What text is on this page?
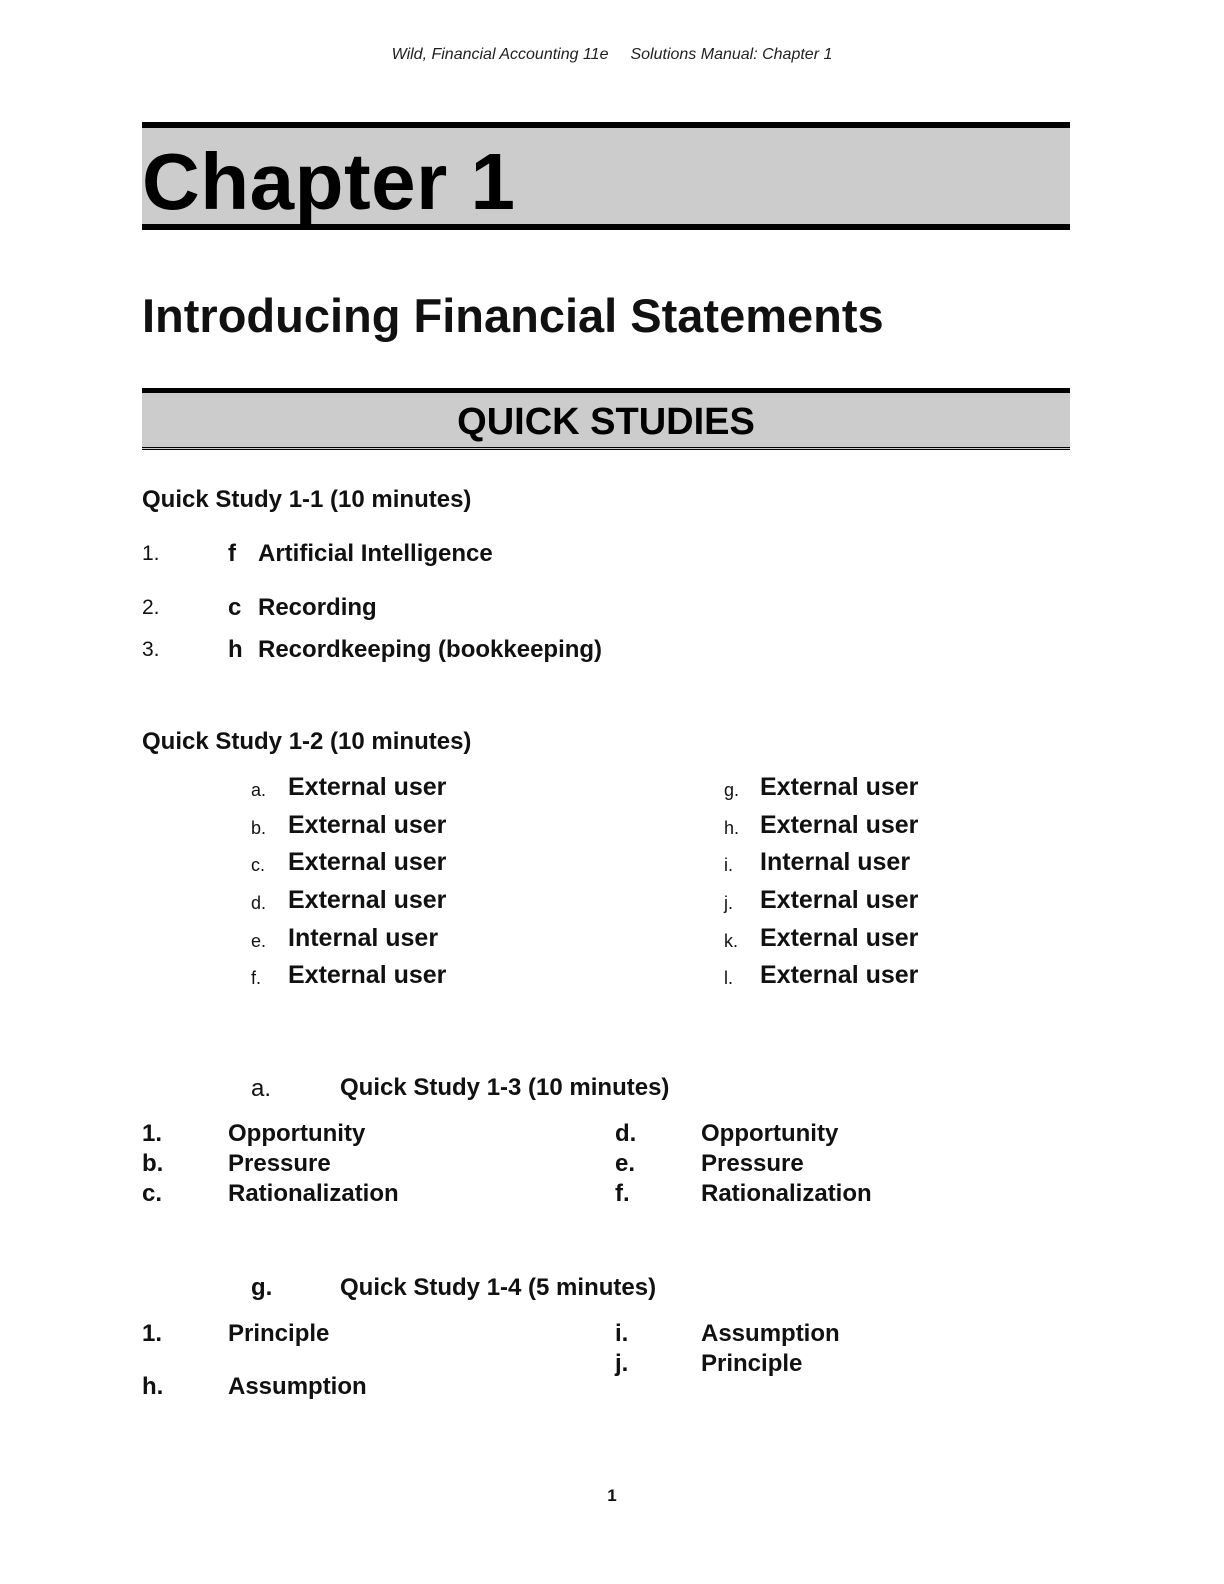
Wild, Financial Accounting 11e Solutions Manual: Chapter 1
Chapter 1
Introducing Financial Statements
QUICK STUDIES
Quick Study 1-1 (10 minutes)
1.	f Artificial Intelligence
2.	c Recording
3.	h Recordkeeping (bookkeeping)
Quick Study 1-2 (10 minutes)
a. External user
b. External user
c. External user
d. External user
e. Internal user
f. External user
g. External user
h. External user
i. Internal user
j. External user
k. External user
l. External user
a.	Quick Study 1-3 (10 minutes)
1.	Opportunity
b.	Pressure
c.	Rationalization
d.	Opportunity
e.	Pressure
f.	Rationalization
g.	Quick Study 1-4 (5 minutes)
1.	Principle
h.	Assumption
i.	Assumption
j.	Principle
1
